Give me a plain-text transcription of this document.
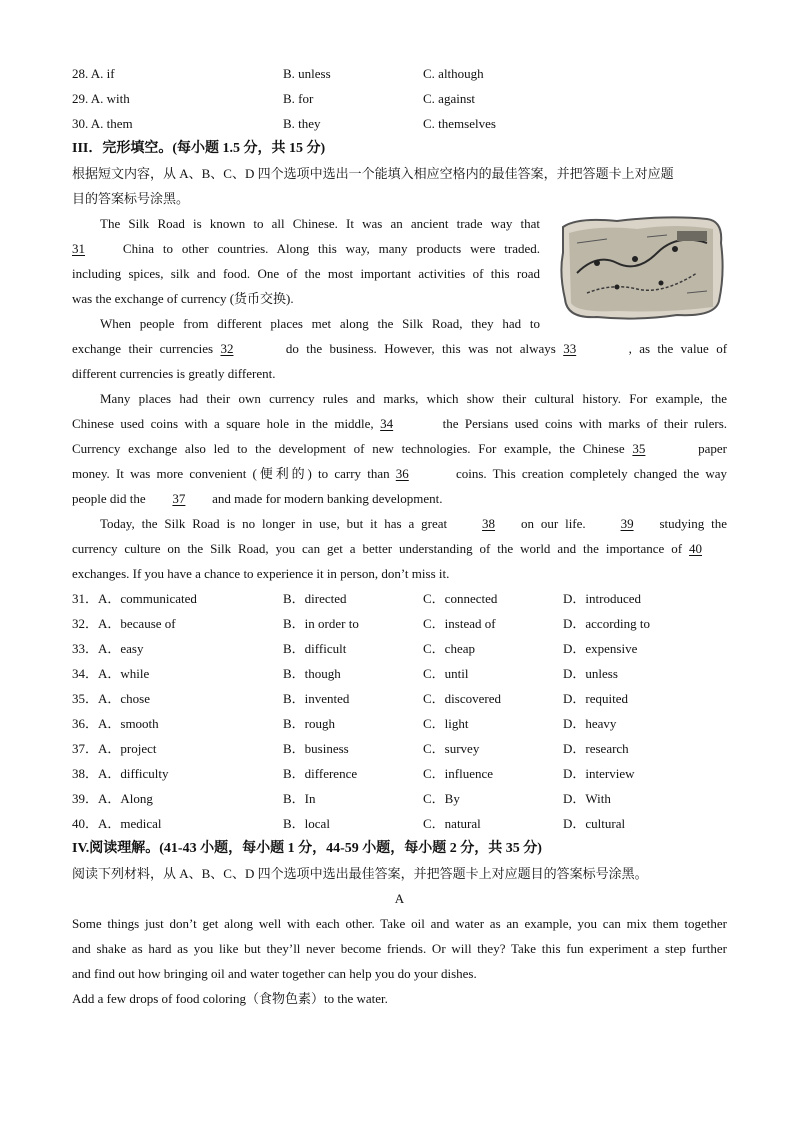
28. A. if	B. unless	C. although
29. A. with	B. for	C. against
30. A. them	B. they	C. themselves
III．完形填空。(每小题 1.5 分，共 15 分)
根据短文内容，从 A、B、C、D 四个选项中选出一个能填入相应空格内的最佳答案，并把答题卡上对应题
目的答案标号涂黑。
The Silk Road is known to all Chinese. It was an ancient trade way that
31	China to other countries. Along this way, many products were traded.
including spices, silk and food. One of the most important activities of this road
was the exchange of currency (货币交换).
When people from different places met along the Silk Road, they had to
exchange their currencies 32	do the business. However, this was not always 33	, as the value of
different currencies is greatly different.
Many places had their own currency rules and marks, which show their cultural history. For example, the
Chinese used coins with a square hole in the middle, 34	the Persians used coins with marks of their rulers.
Currency exchange also led to the development of new technologies. For example, the Chinese 35	paper
money. It was more convenient (便利的) to carry than 36	coins. This creation completely changed the way
people did the 37 and made for modern banking development.
Today, the Silk Road is no longer in use, but it has a great	38 on our life.	39 studying the
currency culture on the Silk Road, you can get a better understanding of the world and the importance of 40
exchanges. If you have a chance to experience it in person, don’t miss it.
31．A．communicated	B．directed	C．connected	D．introduced
32．A．because of	B．in order to	C．instead of	D．according to
33．A．easy	B．difficult	C．cheap	D．expensive
34．A．while	B．though	C．until	D．unless
35．A．chose	B．invented	C．discovered	D．requited
36．A．smooth	B．rough	C．light	D．heavy
37．A．project	B．business	C．survey	D．research
38．A．difficulty	B．difference	C．influence	D．interview
39．A．Along	B．In	C．By	D．With
40．A．medical	B．local	C．natural	D．cultural
IV.阅读理解。(41-43 小题，每小题 1 分，44-59 小题，每小题 2 分，共 35 分)
阅读下列材料，从 A、B、C、D 四个选项中选出最佳答案，并把答题卡上对应题目的答案标号涂黑。
A
Some things just don’t get along well with each other. Take oil and water as an example, you can mix them together
and shake as hard as you like but they’ll never become friends. Or will they? Take this fun experiment a step further
and find out how bringing oil and water together can help you do your dishes.
Add a few drops of food coloring（食物色素）to the water.
